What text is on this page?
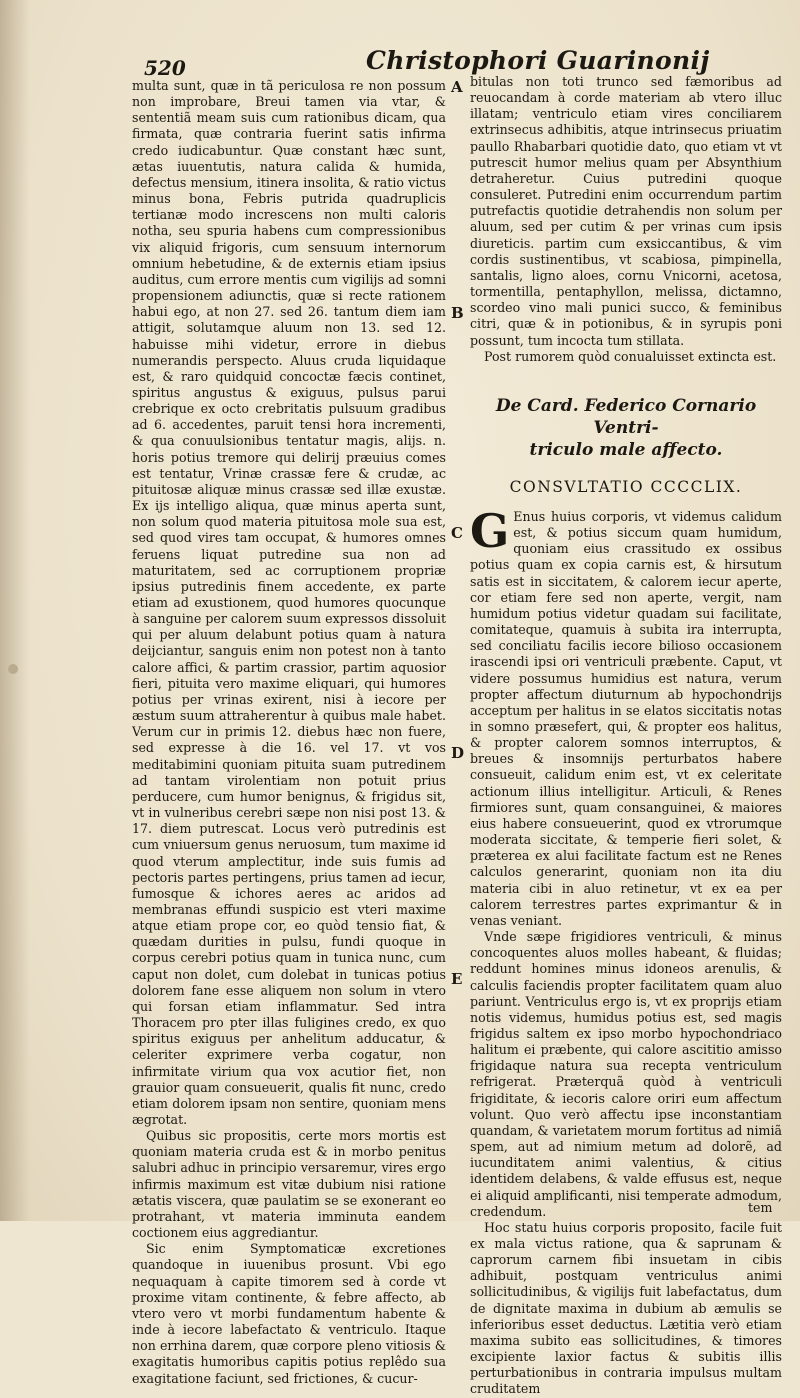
520	Christophori Guarinonij
A
B
C
D
E

multa sunt, quæ in tã periculosa re non possum non improbare, Breui tamen via vtar, & sententiã meam suis cum rationibus dicam, qua firmata, quæ contraria fuerint satis infirma credo iudicabuntur. Quæ constant hæc sunt, ætas iuuentutis, natura calida & humida, defectus mensium, itinera insolita, & ratio victus minus bona, Febris putrida quadruplicis tertianæ modo increscens non multi caloris notha, seu spuria habens cum compressionibus vix aliquid frigoris, cum sensuum internorum omnium hebetudine, & de externis etiam ipsius auditus, cum errore mentis cum vigilijs ad somni propensionem adiunctis, quæ si recte rationem habui ego, at non 27. sed 26. tantum diem iam attigit, solutamque aluum non 13. sed 12. habuisse mihi videtur, errore in diebus numerandis perspecto. Aluus cruda liquidaque est, & raro quidquid concoctæ fæcis continet, spiritus angustus & exiguus, pulsus parui crebrique ex octo crebritatis pulsuum gradibus ad 6. accedentes, paruit tensi hora incrementi, & qua conuulsionibus tentatur magis, alijs. n. horis potius tremore qui delirij præuius comes est tentatur, Vrinæ crassæ fere & crudæ, ac pituitosæ aliquæ minus crassæ sed illæ exustæ. Ex ijs intelligo aliqua, quæ minus aperta sunt, non solum quod materia pituitosa mole sua est, sed quod vires tam occupat, & humores omnes feruens liquat putredine sua non ad maturitatem, sed ac corruptionem propriæ ipsius putredinis finem accedente, ex parte etiam ad exustionem, quod humores quocunque à sanguine per calorem suum expressos dissoluit qui per aluum delabunt potius quam à natura deijciantur, sanguis enim non potest non à tanto calore affici, & partim crassior, partim aquosior fieri, pituita vero maxime eliquari, qui humores potius per vrinas exirent, nisi à iecore per æstum suum attraherentur à quibus male habet. Verum cur in primis 12. diebus hæc non fuere, sed expresse à die 16. vel 17. vt vos meditabimini quoniam pituita suam putredinem ad tantam virolentiam non potuit prius perducere, cum humor benignus, & frigidus sit, vt in vulneribus cerebri sæpe non nisi post 13. & 17. diem putrescat. Locus verò putredinis est cum vniuersum genus neruosum, tum maxime id quod vterum amplectitur, inde suis fumis ad pectoris partes pertingens, prius tamen ad iecur, fumosque & ichores aeres ac aridos ad membranas effundi suspicio est vteri maxime atque etiam prope cor, eo quòd tensio fiat, & quædam durities in pulsu, fundi quoque in corpus cerebri potius quam in tunica nunc, cum caput non dolet, cum dolebat in tunicas potius dolorem fane esse aliquem non solum in vtero qui forsan etiam inflammatur. Sed intra Thoracem pro pter illas fuligines credo, ex quo spiritus exiguus per anhelitum adducatur, & celeriter exprimere verba cogatur, non infirmitate virium qua vox acutior fiet, non grauior quam consueuerit, qualis fit nunc, credo etiam dolorem ipsam non sentire, quoniam mens ægrotat.

Quibus sic propositis, certe mors mortis est quoniam materia cruda est & in morbo penitus salubri adhuc in principio versaremur, vires ergo infirmis maximum est vitæ dubium nisi ratione ætatis viscera, quæ paulatim se se exonerant eo protrahant, vt materia imminuta eandem coctionem eius aggrediantur.

Sic enim Symptomaticæ excretiones quandoque in iuuenibus prosunt. Vbi ego nequaquam à capite timorem sed à corde vt proxime vitam continente, & febre affecto, ab vtero vero vt morbi fundamentum habente & inde à iecore labefactato & ventriculo. Itaque non errhina darem, quæ corpore pleno vitiosis & exagitatis humoribus capitis potius replêdo sua exagitatione faciunt, sed frictiones, & cucur-

bitulas non toti trunco sed fæmoribus ad reuocandam à corde materiam ab vtero illuc illatam; ventriculo etiam vires conciliarem extrinsecus adhibitis, atque intrinsecus priuatim paullo Rhabarbari quotidie dato, quo etiam vt vt putrescit humor melius quam per Absynthium detraheretur. Cuius putredini quoque consuleret. Putredini enim occurrendum partim putrefactis quotidie detrahendis non solum per aluum, sed per cutim & per vrinas cum ipsis diureticis. partim cum exsiccantibus, & vim cordis sustinentibus, vt scabiosa, pimpinella, santalis, ligno aloes, cornu Vnicorni, acetosa, tormentilla, pentaphyllon, melissa, dictamno, scordeo vino mali punici succo, & feminibus citri, quæ & in potionibus, & in syrupis poni possunt, tum incocta tum stillata.

Post rumorem quòd conualuisset extincta est.

De Card. Federico Cornario Ventri-
triculo male affecto.
CONSVLTATIO CCCCLIX.

G Enus huius corporis, vt videmus calidum est, & potius siccum quam humidum, quoniam eius crassitudo ex ossibus potius quam ex copia carnis est, & hirsutum satis est in siccitatem, & calorem iecur aperte, cor etiam fere sed non aperte, vergit, nam humidum potius videtur quadam sui facilitate, comitateque, quamuis à subita ira interrupta, sed conciliatu facilis iecore bilioso occasionem irascendi ipsi ori ventriculi præbente. Caput, vt videre possumus humidius est natura, verum propter affectum diuturnum ab hypochondrijs acceptum per halitus in se elatos siccitatis notas in somno præsefert, qui, & propter eos halitus, & propter calorem somnos interruptos, & breues & insomnijs perturbatos habere consueuit, calidum enim est, vt ex celeritate actionum illius intelligitur. Articuli, & Renes firmiores sunt, quam consanguinei, & maiores eius habere consueuerint, quod ex vtrorumque moderata siccitate, & temperie fieri solet, & præterea ex alui facilitate factum est ne Renes calculos generarint, quoniam non ita diu materia cibi in aluo retinetur, vt ex ea per calorem terrestres partes exprimantur & in venas veniant.

Vnde sæpe frigidiores ventriculi, & minus concoquentes aluos molles habeant, & fluidas; reddunt homines minus idoneos arenulis, & calculis faciendis propter facilitatem quam aluo pariunt. Ventriculus ergo is, vt ex proprijs etiam notis videmus, humidus potius est, sed magis frigidus saltem ex ipso morbo hypochondriaco halitum ei præbente, qui calore ascititio amisso frigidaque natura sua recepta ventriculum refrigerat. Præterquã quòd à ventriculi frigiditate, & iecoris calore oriri eum affectum volunt. Quo verò affectu ipse inconstantiam quandam, & varietatem morum fortitus ad nimiã spem, aut ad nimium metum ad dolorẽ, ad iucunditatem animi valentius, & citius identidem delabens, & valde effusus est, neque ei aliquid amplificanti, nisi temperate admodum, credendum.

Hoc statu huius corporis proposito, facile fuit ex mala victus ratione, qua & saprunam & caprorum carnem fibi insuetam in cibis adhibuit, postquam ventriculus animi sollicitudinibus, & vigilijs fuit labefactatus, dum de dignitate maxima in dubium ab æmulis se inferioribus esset deductus. Lætitia verò etiam maxima subito eas sollicitudines, & timores excipiente laxior factus & subitis illis perturbationibus in contraria impulsus multam cruditatem

tem
